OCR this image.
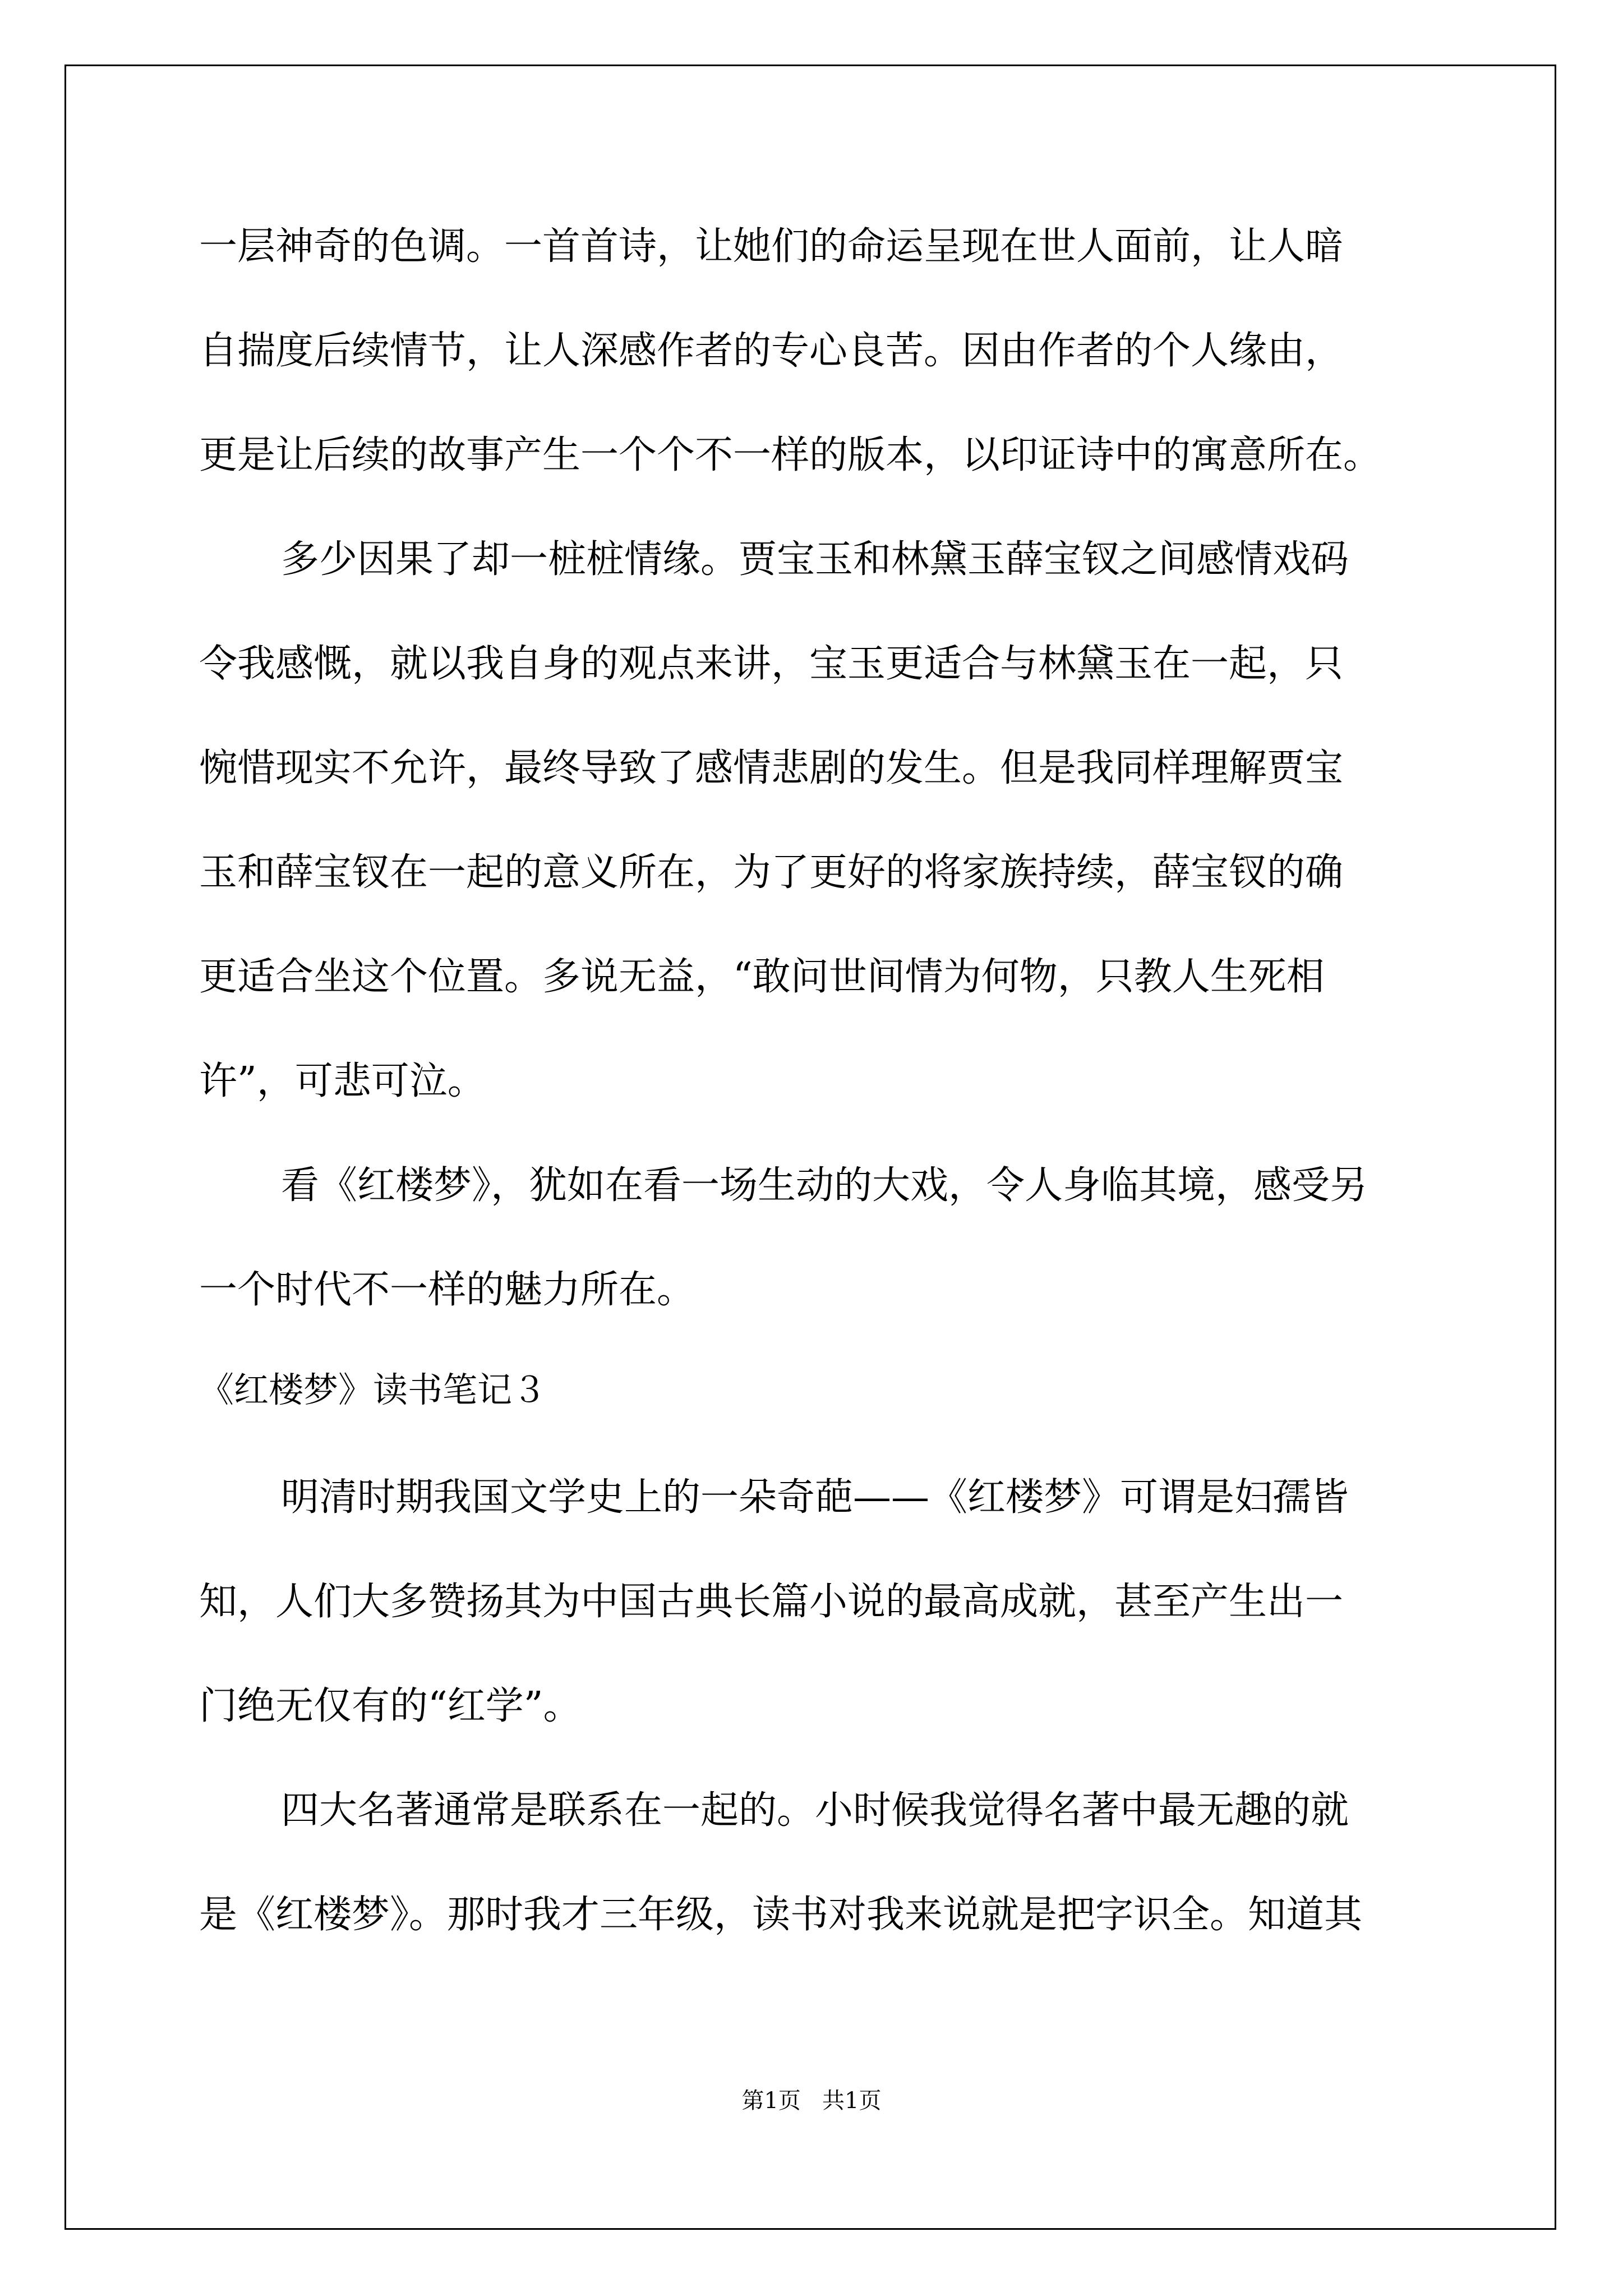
一层神奇的色调。一首首诗，让她们的命运呈现在世人面前，让人暗
自揣度后续情节，让人深感作者的专心良苦。因由作者的个人缘由，
更是让后续的故事产生一个个不一样的版本，以印证诗中的寓意所在。
多少因果了却一桩桩情缘。贾宝玉和林黛玉薛宝钗之间感情戏码
令我感慨，就以我自身的观点来讲，宝玉更适合与林黛玉在一起，只
惋惜现实不允许，最终导致了感情悲剧的发生。但是我同样理解贾宝
玉和薛宝钗在一起的意义所在，为了更好的将家族持续，薛宝钗的确
更适合坐这个位置。多说无益，“敢问世间情为何物，只教人生死相
许”，可悲可泣。
看《红楼梦》，犹如在看一场生动的大戏，令人身临其境，感受另
一个时代不一样的魅力所在。
《红楼梦》读书笔记３
明清时期我国文学史上的一朵奇葩——《红楼梦》可谓是妇孺皆
知，人们大多赞扬其为中国古典长篇小说的最高成就，甚至产生出一
门绝无仅有的“红学”。
四大名著通常是联系在一起的。小时候我觉得名著中最无趣的就
是《红楼梦》。那时我才三年级，读书对我来说就是把字识全。知道其
第1页   共1页
